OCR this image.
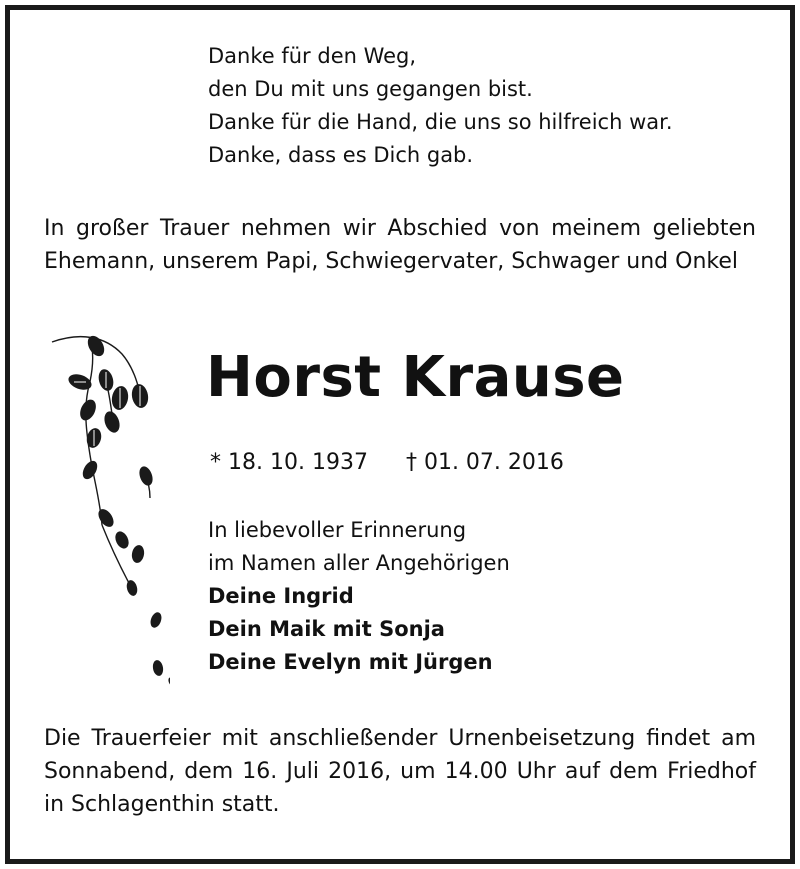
Danke für den Weg,
den Du mit uns gegangen bist.
Danke für die Hand, die uns so hilfreich war.
Danke, dass es Dich gab.
In großer Trauer nehmen wir Abschied von meinem geliebten Ehemann, unserem Papi, Schwiegervater, Schwager und Onkel
Horst Krause
* 18. 10. 1937 † 01. 07. 2016
In liebevoller Erinnerung
im Namen aller Angehörigen
Deine Ingrid
Dein Maik mit Sonja
Deine Evelyn mit Jürgen
Die Trauerfeier mit anschließender Urnenbeisetzung findet am Sonnabend, dem 16. Juli 2016, um 14.00 Uhr auf dem Friedhof in Schlagenthin statt.
